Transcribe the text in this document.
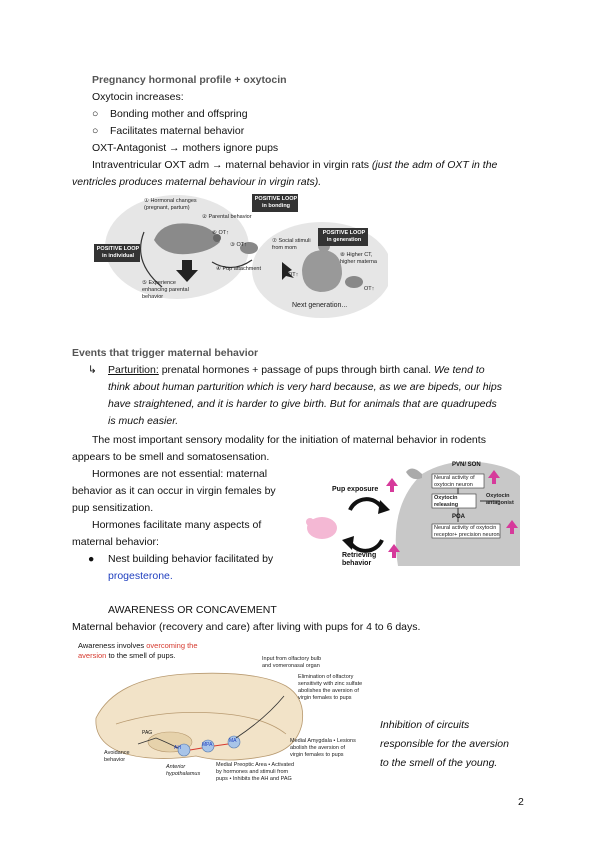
Pregnancy hormonal profile + oxytocin
Oxytocin increases:
○ Bonding mother and offspring
○ Facilitates maternal behavior
OXT-Antagonist → mothers ignore pups
Intraventricular OXT adm → maternal behavior in virgin rats (just the adm of OXT in the
ventricles produces maternal behaviour in virgin rats).
POSITIVE LOOP in individual
POSITIVE LOOP in bonding
POSITIVE LOOP in generation
① Hormonal changes (pregnant, partum)
② Parental behavior
⑥ OT↑
③ OT↑
④ Pup attachment
⑤ Experience enhancing parental behavior
⑦ Social stimuli from mom
⑧ Higher CT, higher materna
OT↑
OT↑
Next generation...
Events that trigger maternal behavior
↳ Parturition: prenatal hormones + passage of pups through birth canal. We tend to
think about human parturition which is very hard because, as we are bipeds, our hips
have straightened, and it is harder to give birth. But for animals that are quadrupeds
is much easier.
The most important sensory modality for the initiation of maternal behavior in rodents
appears to be smell and somatosensation.
Hormones are not essential: maternal
behavior as it can occur in virgin females by
pup sensitization.
Hormones facilitate many aspects of
maternal behavior:
● Nest building behavior facilitated by
progesterone.
PVN/ SON
Neural activity of oxytocin neuron
Oxytocin releasing
Oxytocin antagonist
POA
Neural activity of oxytocin receptor+ precision neuron
Pup exposure
Retrieving behavior
AWARENESS OR CONCAVEMENT
Maternal behavior (recovery and care) after living with pups for 4 to 6 days.
Awareness involves overcoming the
aversion to the smell of pups.
AH	MPA
MA
PAG
Avoidance behavior
Input from olfactory bulb and vomeronasal organ
Elimination of olfactory sensitivity with zinc sulfate abolishes the aversion of virgin females to pups
Medial Amygdala • Lesions abolish the aversion of virgin females to pups
Anterior hypothalamus
Medial Preoptic Area • Activated by hormones and stimuli from pups • Inhibits the AH and PAG
Inhibition of circuits
responsible for the aversion
to the smell of the young.
2
